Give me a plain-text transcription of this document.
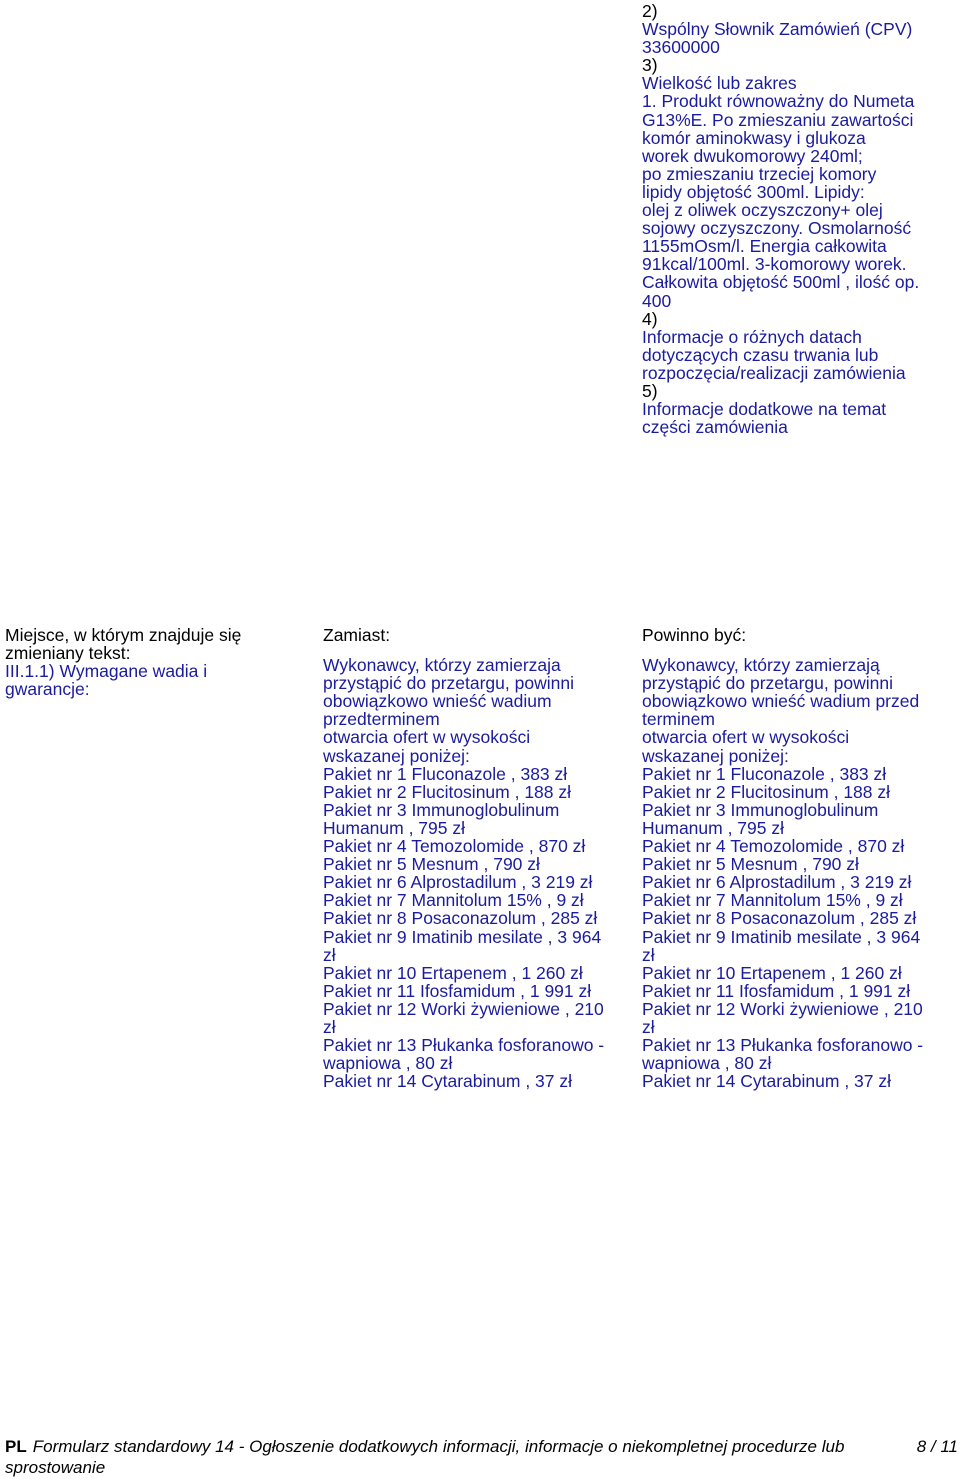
2)
Wspólny Słownik Zamówień (CPV)
33600000
3)
Wielkość lub zakres
1. Produkt równoważny do Numeta
G13%E. Po zmieszaniu zawartości
komór aminokwasy i glukoza
worek dwukomorowy 240ml;
po zmieszaniu trzeciej komory
lipidy objętość 300ml. Lipidy:
olej z oliwek oczyszczony+ olej
sojowy oczyszczony. Osmolarność
1155mOsm/l. Energia całkowita
91kcal/100ml. 3-komorowy worek.
Całkowita objętość 500ml , ilość op.
400
4)
Informacje o różnych datach
dotyczących czasu trwania lub
rozpoczęcia/realizacji zamówienia
5)
Informacje dodatkowe na temat
części zamówienia
Miejsce, w którym znajduje się
zmieniany tekst:
III.1.1) Wymagane wadia i
gwarancje:
Zamiast:
Wykonawcy, którzy zamierzaja
przystąpić do przetargu, powinni
obowiązkowo wnieść wadium
przedterminem
otwarcia ofert w wysokości
wskazanej poniżej:
Pakiet nr 1 Fluconazole , 383 zł
Pakiet nr 2 Flucitosinum , 188 zł
Pakiet nr 3 Immunoglobulinum
Humanum , 795 zł
Pakiet nr 4 Temozolomide , 870 zł
Pakiet nr 5 Mesnum , 790 zł
Pakiet nr 6 Alprostadilum , 3 219 zł
Pakiet nr 7 Mannitolum 15% , 9 zł
Pakiet nr 8 Posaconazolum , 285 zł
Pakiet nr 9 Imatinib mesilate , 3 964
zł
Pakiet nr 10 Ertapenem , 1 260 zł
Pakiet nr 11 Ifosfamidum , 1 991 zł
Pakiet nr 12 Worki żywieniowe , 210
zł
Pakiet nr 13 Płukanka fosforanowo -
wapniowa , 80 zł
Pakiet nr 14 Cytarabinum , 37 zł
Powinno być:
Wykonawcy, którzy zamierzają
przystąpić do przetargu, powinni
obowiązkowo wnieść wadium przed
terminem
otwarcia ofert w wysokości
wskazanej poniżej:
Pakiet nr 1 Fluconazole , 383 zł
Pakiet nr 2 Flucitosinum , 188 zł
Pakiet nr 3 Immunoglobulinum
Humanum , 795 zł
Pakiet nr 4 Temozolomide , 870 zł
Pakiet nr 5 Mesnum , 790 zł
Pakiet nr 6 Alprostadilum , 3 219 zł
Pakiet nr 7 Mannitolum 15% , 9 zł
Pakiet nr 8 Posaconazolum , 285 zł
Pakiet nr 9 Imatinib mesilate , 3 964
zł
Pakiet nr 10 Ertapenem , 1 260 zł
Pakiet nr 11 Ifosfamidum , 1 991 zł
Pakiet nr 12 Worki żywieniowe , 210
zł
Pakiet nr 13 Płukanka fosforanowo -
wapniowa , 80 zł
Pakiet nr 14 Cytarabinum , 37 zł
PL Formularz standardowy 14 - Ogłoszenie dodatkowych informacji, informacje o niekompletnej procedurze lub
sprostowanie
8 / 11
